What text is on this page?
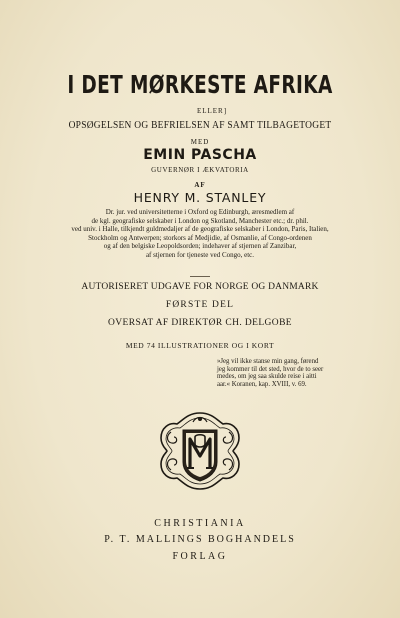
I DET MØRKESTE AFRIKA
ELLER]
OPSØGELSEN OG BEFRIELSEN AF SAMT TILBAGETOGET
MED
EMIN PASCHA
GUVERNØR I ÆKVATORIA
AF
HENRY M. STANLEY
Dr. jur. ved universitetterne i Oxford og Edinburgh, æresmedlem af
de kgl. geografiske selskaber i London og Skotland, Manchester etc.; dr. phil.
ved univ. i Halle, tilkjendt guldmedaljer af de geografiske selskaber i London, Paris, Italien,
Stockholm og Antwerpen; storkors af Medjidie, af Osmanlie, af Congo-ordenen
og af den belgiske Leopoldsorden; indehaver af stjernen af Zanzibar,
af stjernen for tjeneste ved Congo, etc.
AUTORISERET UDGAVE FOR NORGE OG DANMARK
FØRSTE DEL
OVERSAT AF DIREKTØR CH. DELGOBE
MED 74 ILLUSTRATIONER OG I KORT
»Jeg vil ikke stanse min gang, førend
jeg kommer til det sted, hvor de to seer
medes, om jeg saa skulde reise i aitti
aar.« Koranen, kap. XVIII, v. 69.
CHRISTIANIA
P. T. MALLINGS BOGHANDELS
FORLAG
